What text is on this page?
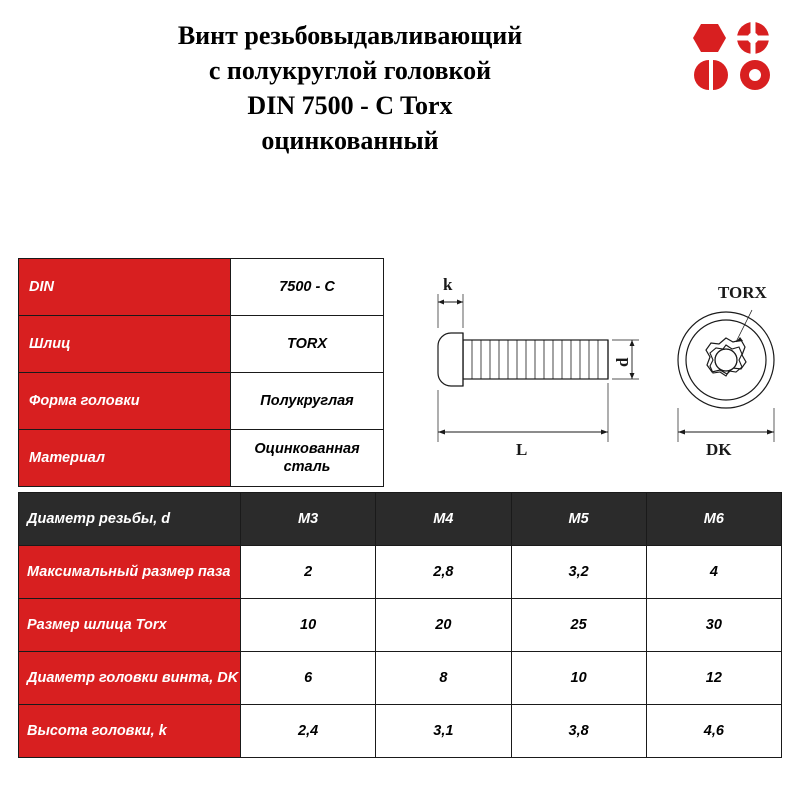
Винт резьбовыдавливающий
с полукруглой головкой
DIN 7500 - C Torx
оцинкованный
DIN	7500 - C
Шлиц	TORX
Форма головки	Полукруглая
Материал	Оцинкованная сталь
k
d
L
TORX
DK
Диаметр резьбы, d	M3	M4	M5	M6
Максимальный размер паза	2	2,8	3,2	4
Размер шлица Torx	10	20	25	30
Диаметр головки винта, DK	6	8	10	12
Высота головки, k	2,4	3,1	3,8	4,6
